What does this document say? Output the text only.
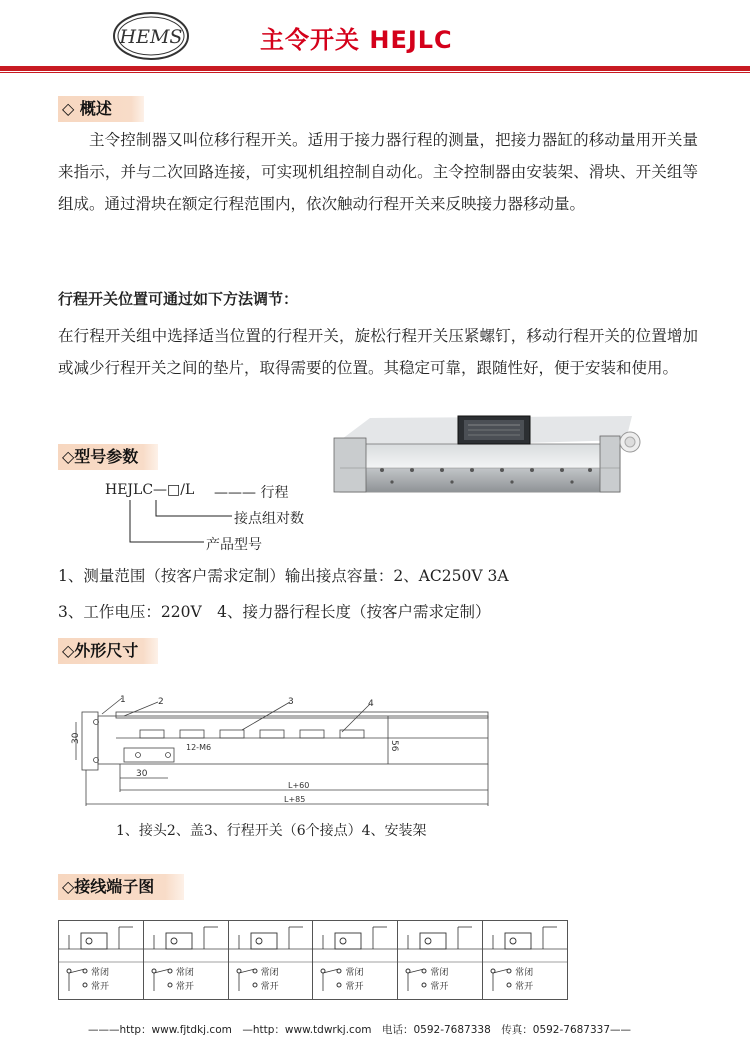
HEMS	主令开关 HEJLC
◇ 概述

主令控制器又叫位移行程开关。适用于接力器行程的测量，把接力器缸的移动量用开关量来指示，并与二次回路连接，可实现机组控制自动化。主令控制器由安装架、滑块、开关组等组成。通过滑块在额定行程范围内，依次触动行程开关来反映接力器移动量。

行程开关位置可通过如下方法调节：

在行程开关组中选择适当位置的行程开关，旋松行程开关压紧螺钉，移动行程开关的位置增加或减少行程开关之间的垫片，取得需要的位置。其稳定可靠，跟随性好，便于安装和使用。

◇型号参数
HEJLC—□/L ——— 行程
接点组对数
产品型号
1、测量范围（按客户需求定制）输出接点容量：2、AC250V 3A
3、工作电压：220V　4、接力器行程长度（按客户需求定制）
◇外形尺寸
1	2	3	4
30
56
30
12-M6
L+60
L+85
1、接头2、盖3、行程开关（6个接点）4、安装架
◇接线端子图
常闭
常开
常闭
常开
常闭
常开
常闭
常开
常闭
常开
常闭
常开
———http：www.fjtdkj.com　—http：www.tdwrkj.com　电话：0592-7687338　传真：0592-7687337——
